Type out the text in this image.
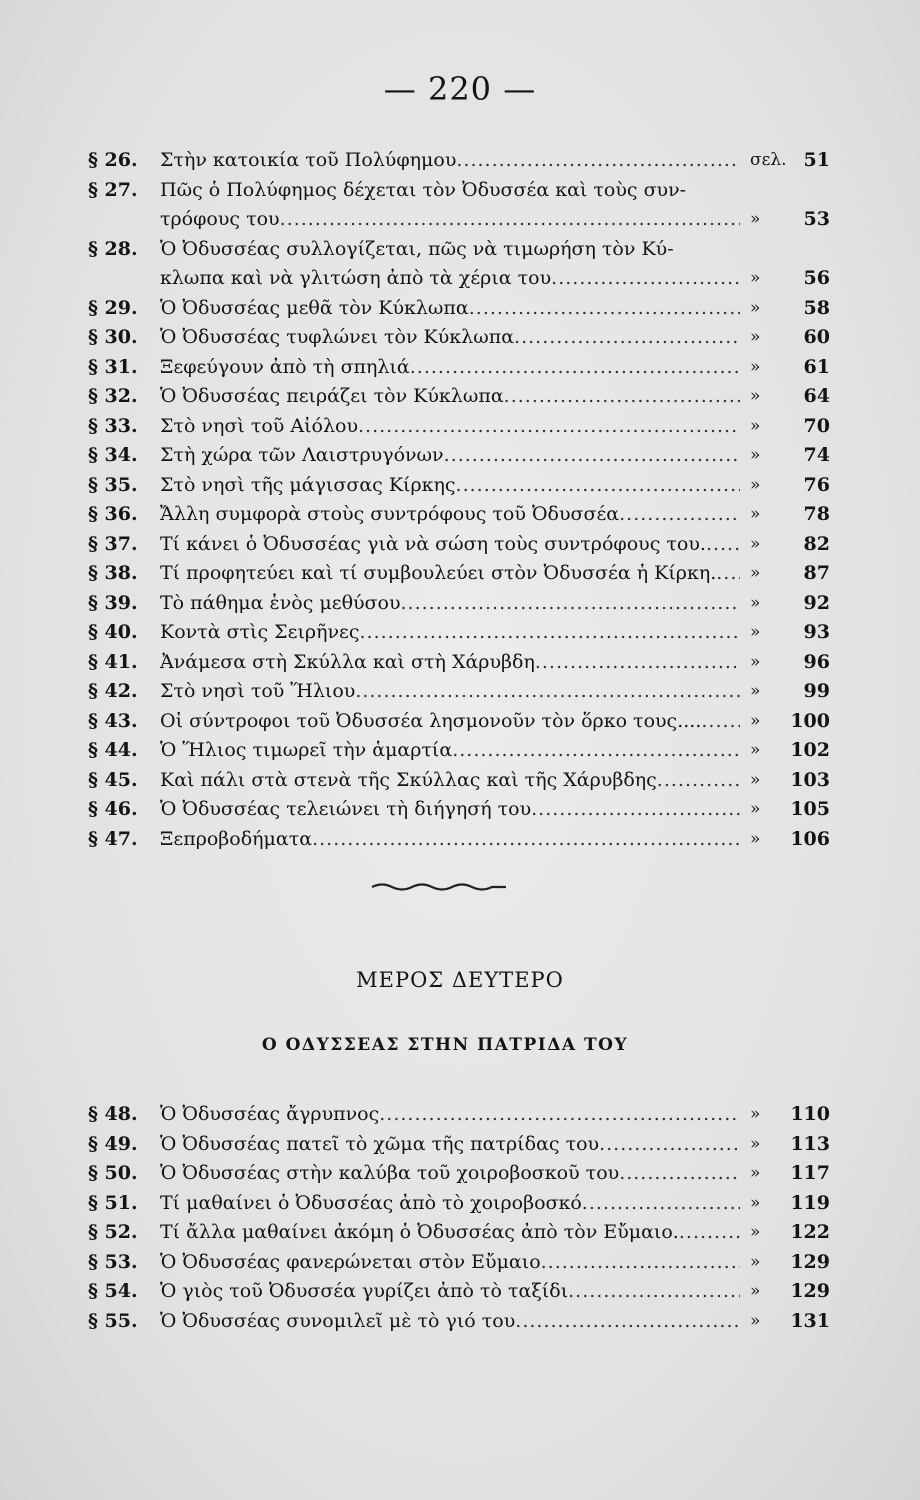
— 220 —
§ 26.	Στὴν κατοικία τοῦ Πολύφημου .....	σελ. 51
§ 27.	Πῶς ὁ Πολύφημος δέχεται τὸν Ὀδυσσέα καὶ τοὺς συν-
τρόφους του .....	» 53
§ 28.	Ὁ Ὀδυσσέας συλλογίζεται, πῶς νὰ τιμωρήση τὸν Κύ-
κλωπα καὶ νὰ γλιτώση ἀπὸ τὰ χέρια του .....	» 56
§ 29.	Ὁ Ὀδυσσέας μεθᾶ τὸν Κύκλωπα .....	» 58
§ 30.	Ὁ Ὀδυσσέας τυφλώνει τὸν Κύκλωπα .....	» 60
§ 31.	Ξεφεύγουν ἀπὸ τὴ σπηλιά .....	» 61
§ 32.	Ὁ Ὀδυσσέας πειράζει τὸν Κύκλωπα .....	» 64
§ 33.	Στὸ νησὶ τοῦ Αἰόλου .....	» 70
§ 34.	Στὴ χώρα τῶν Λαιστρυγόνων .....	» 74
§ 35.	Στὸ νησὶ τῆς μάγισσας Κίρκης .....	» 76
§ 36.	Ἄλλη συμφορὰ στοὺς συντρόφους τοῦ Ὀδυσσέα .....	» 78
§ 37.	Τί κάνει ὁ Ὀδυσσέας γιὰ νὰ σώση τοὺς συντρόφους του. .....	» 82
§ 38.	Τί προφητεύει καὶ τί συμβουλεύει στὸν Ὀδυσσέα ἡ Κίρκη. ..... » 87
§ 39.	Τὸ πάθημα ἑνὸς μεθύσου .....	» 92
§ 40.	Κοντὰ στὶς Σειρῆνες .....	» 93
§ 41.	Ἀνάμεσα στὴ Σκύλλα καὶ στὴ Χάρυβδη .....	» 96
§ 42.	Στὸ νησὶ τοῦ Ἥλιου .....	» 99
§ 43.	Οἱ σύντροφοι τοῦ Ὀδυσσέα λησμονοῦν τὸν ὅρκο τους.... .....	» 100
§ 44.	Ὁ Ἥλιος τιμωρεῖ τὴν ἁμαρτία .....	» 102
§ 45.	Καὶ πάλι στὰ στενὰ τῆς Σκύλλας καὶ τῆς Χάρυβδης .....	» 103
§ 46.	Ὁ Ὀδυσσέας τελειώνει τὴ διήγησή του .....	» 105
§ 47.	Ξεπροβοδήματα .....	» 106
ΜΕΡΟΣ ΔΕΥΤΕΡΟ
Ο ΟΔΥΣΣΕΑΣ ΣΤΗΝ ΠΑΤΡΙΔΑ ΤΟΥ
§ 48.	Ὁ Ὀδυσσέας ἄγρυπνος .....	» 110
§ 49.	Ὁ Ὀδυσσέας πατεῖ τὸ χῶμα τῆς πατρίδας του .....	» 113
§ 50.	Ὁ Ὀδυσσέας στὴν καλύβα τοῦ χοιροβοσκοῦ του .....	» 117
§ 51.	Τί μαθαίνει ὁ Ὀδυσσέας ἀπὸ τὸ χοιροβοσκό .....	» 119
§ 52.	Τί ἄλλα μαθαίνει ἀκόμη ὁ Ὀδυσσέας ἀπὸ τὸν Εὔμαιο. .....	» 122
§ 53.	Ὁ Ὀδυσσέας φανερώνεται στὸν Εὔμαιο .....	» 129
§ 54.	Ὁ γιὸς τοῦ Ὀδυσσέα γυρίζει ἀπὸ τὸ ταξίδι .....	» 129
§ 55.	Ὁ Ὀδυσσέας συνομιλεῖ μὲ τὸ γιό του .....	» 131
